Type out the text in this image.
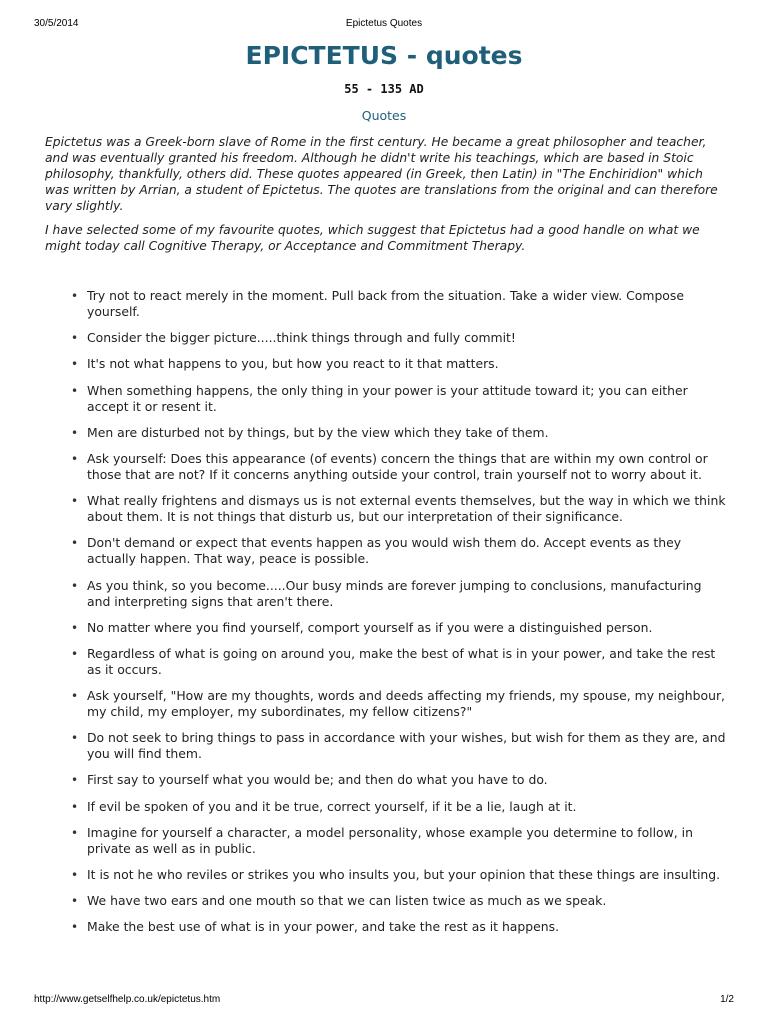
30/5/2014	Epictetus Quotes
EPICTETUS - quotes
55 - 135 AD
Quotes

Epictetus was a Greek-born slave of Rome in the first century. He became a great philosopher and teacher, and was eventually granted his freedom. Although he didn't write his teachings, which are based in Stoic philosophy, thankfully, others did. These quotes appeared (in Greek, then Latin) in "The Enchiridion" which was written by Arrian, a student of Epictetus. The quotes are translations from the original and can therefore vary slightly.

I have selected some of my favourite quotes, which suggest that Epictetus had a good handle on what we might today call Cognitive Therapy, or Acceptance and Commitment Therapy.

• Try not to react merely in the moment. Pull back from the situation. Take a wider view. Compose yourself.
• Consider the bigger picture.....think things through and fully commit!
• It's not what happens to you, but how you react to it that matters.
• When something happens, the only thing in your power is your attitude toward it; you can either accept it or resent it.
• Men are disturbed not by things, but by the view which they take of them.
• Ask yourself: Does this appearance (of events) concern the things that are within my own control or those that are not? If it concerns anything outside your control, train yourself not to worry about it.
• What really frightens and dismays us is not external events themselves, but the way in which we think about them. It is not things that disturb us, but our interpretation of their significance.
• Don't demand or expect that events happen as you would wish them do. Accept events as they actually happen. That way, peace is possible.
• As you think, so you become.....Our busy minds are forever jumping to conclusions, manufacturing and interpreting signs that aren't there.
• No matter where you find yourself, comport yourself as if you were a distinguished person.
• Regardless of what is going on around you, make the best of what is in your power, and take the rest as it occurs.
• Ask yourself, "How are my thoughts, words and deeds affecting my friends, my spouse, my neighbour, my child, my employer, my subordinates, my fellow citizens?"
• Do not seek to bring things to pass in accordance with your wishes, but wish for them as they are, and you will find them.
• First say to yourself what you would be; and then do what you have to do.
• If evil be spoken of you and it be true, correct yourself, if it be a lie, laugh at it.
• Imagine for yourself a character, a model personality, whose example you determine to follow, in private as well as in public.
• It is not he who reviles or strikes you who insults you, but your opinion that these things are insulting.
• We have two ears and one mouth so that we can listen twice as much as we speak.
• Make the best use of what is in your power, and take the rest as it happens.
http://www.getselfhelp.co.uk/epictetus.htm	1/2
